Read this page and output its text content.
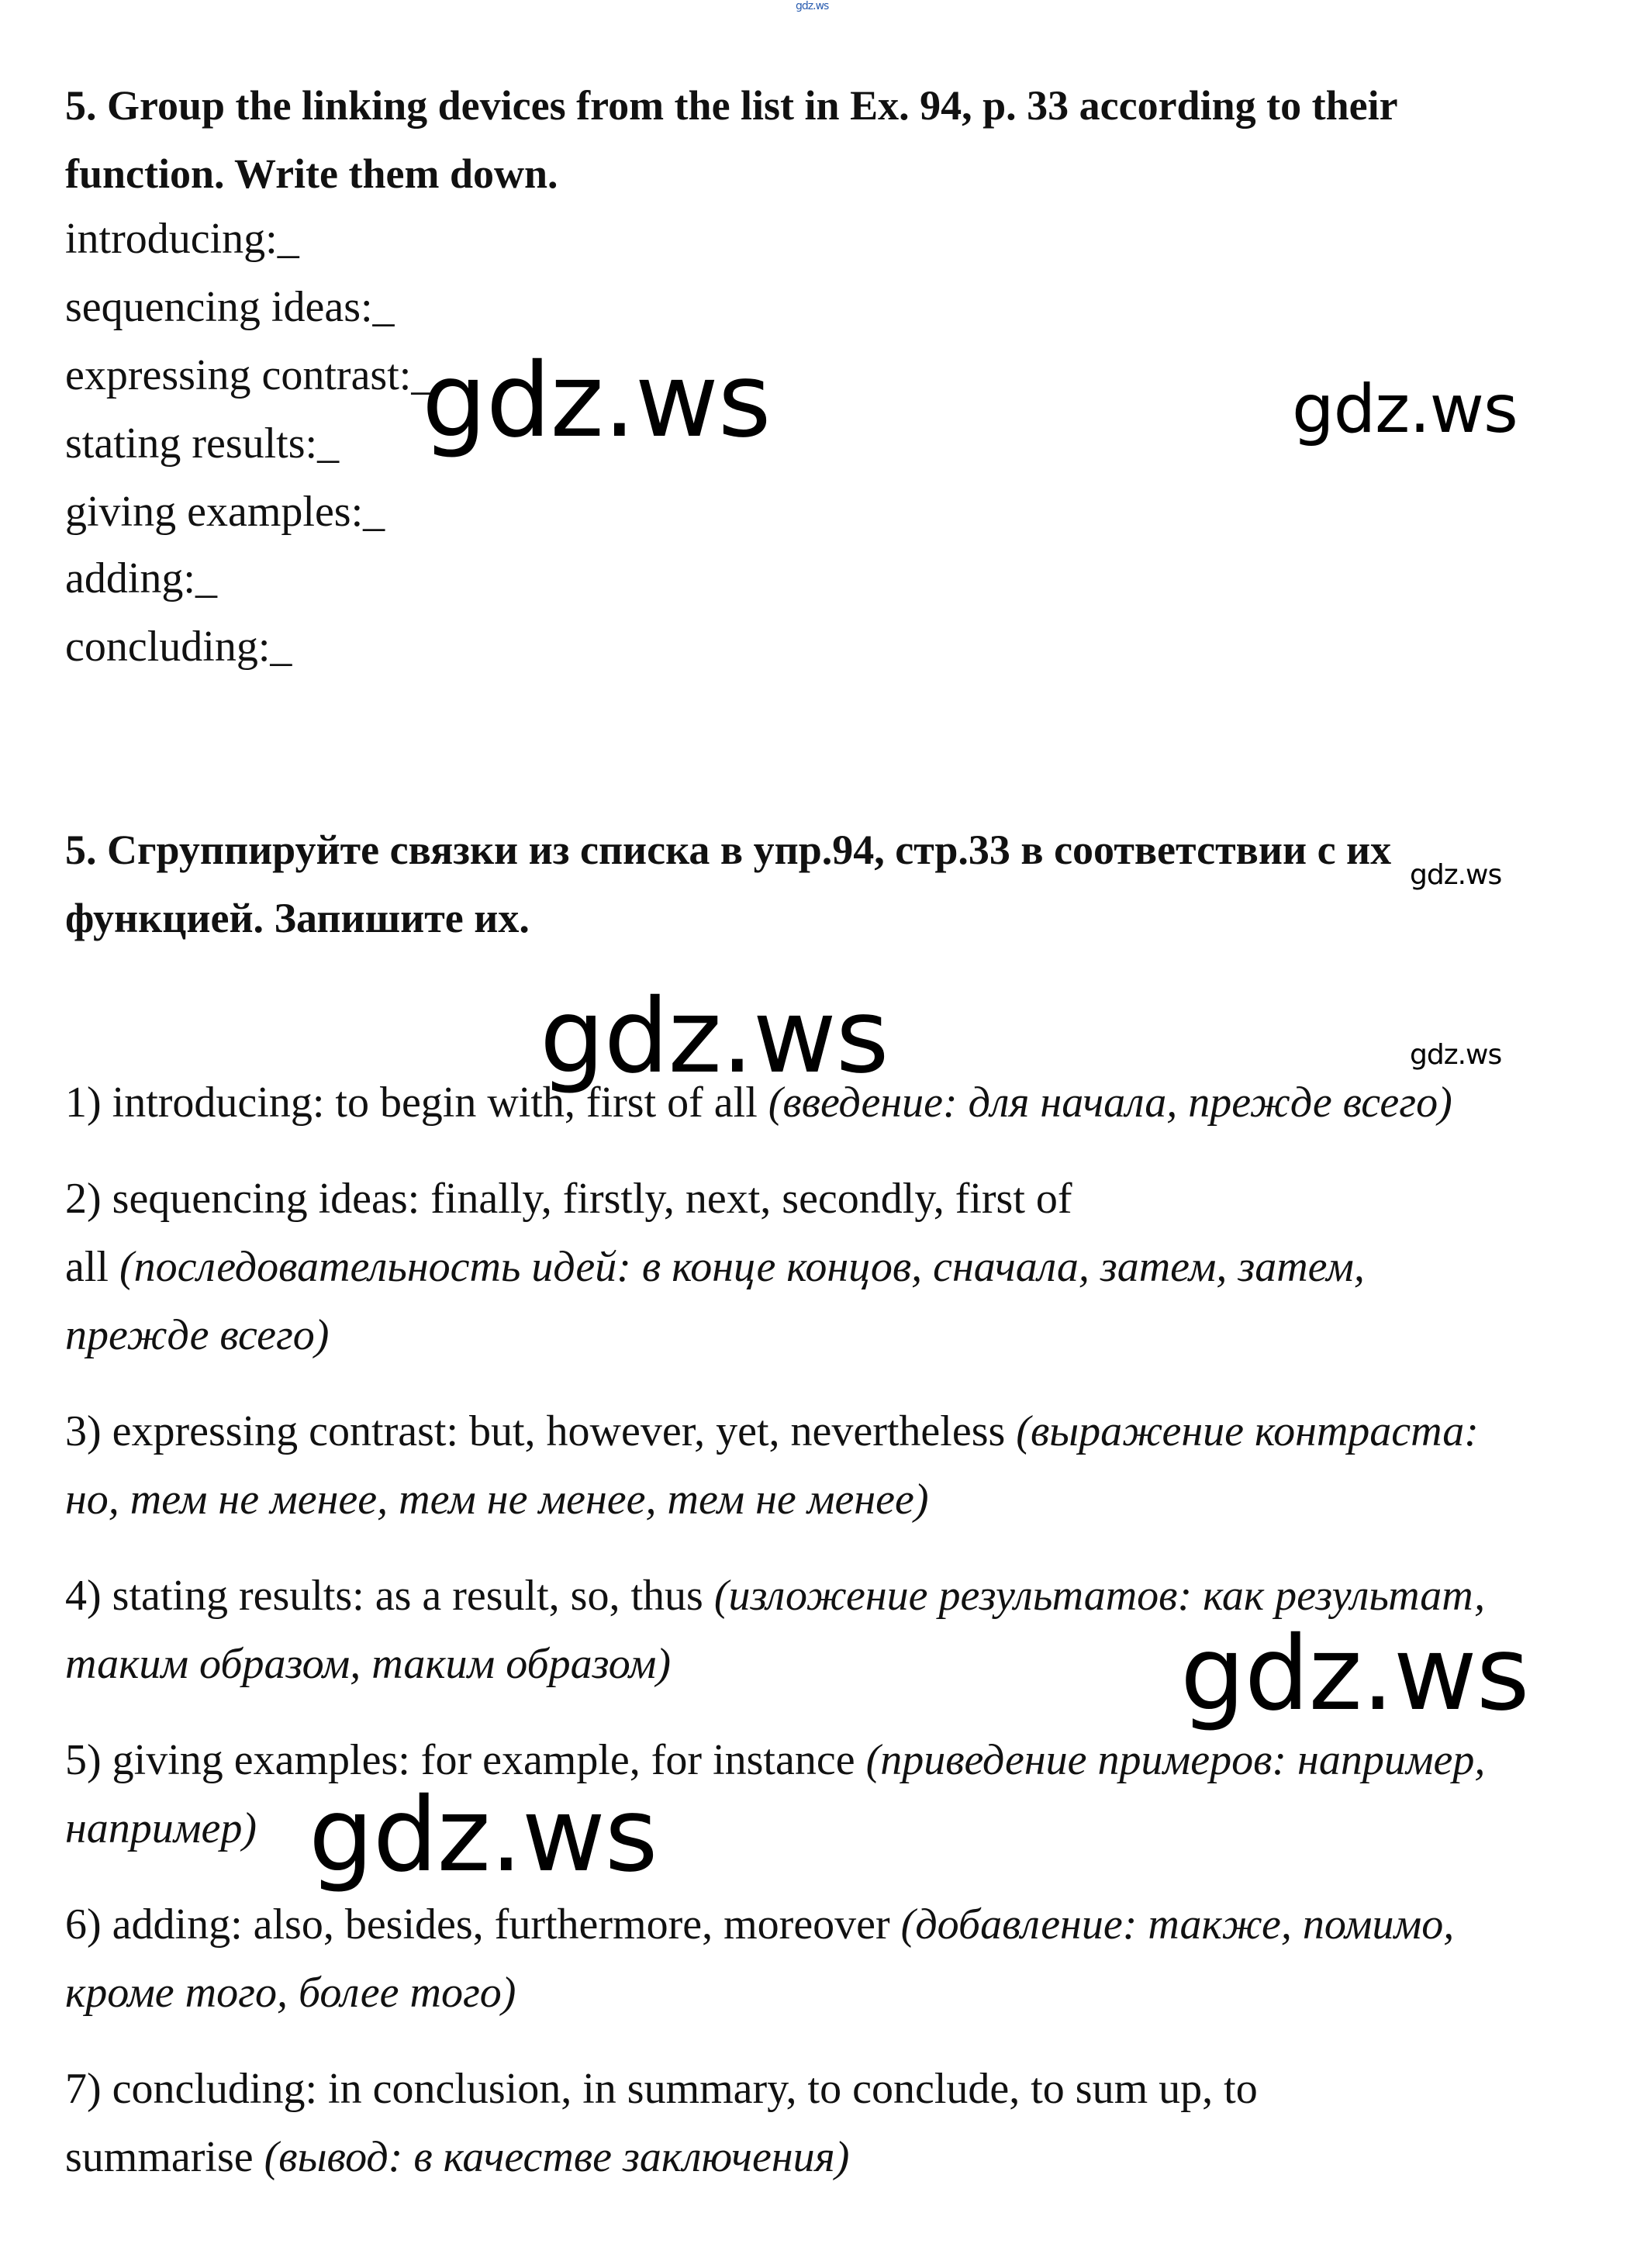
gdz.ws
5. Group the linking devices from the list in Ex. 94, p. 33 according to their
function. Write them down.
introducing:_
sequencing ideas:_
expressing contrast:_
stating results:_
giving examples:_
adding:_
concluding:_
gdz.ws	gdz.ws
5. Сгруппируйте связки из списка в упр.94, стр.33 в соответствии с их
функцией. Запишите их.
gdz.ws
gdz.ws	gdz.ws
1) introducing: to begin with, first of all (введение: для начала, прежде всего)
2) sequencing ideas: finally, firstly, next, secondly, first of
all (последовательность идей: в конце концов, сначала, затем, затем,
прежде всего)
3) expressing contrast: but, however, yet, nevertheless (выражение контраста:
но, тем не менее, тем не менее, тем не менее)
4) stating results: as a result, so, thus (изложение результатов: как результат,
таким образом, таким образом)	gdz.ws
5) giving examples: for example, for instance (приведение примеров: например,
например) gdz.ws
6) adding: also, besides, furthermore, moreover (добавление: также, помимо,
кроме того, более того)
7) concluding: in conclusion, in summary, to conclude, to sum up, to
summarise (вывод: в качестве заключения)
